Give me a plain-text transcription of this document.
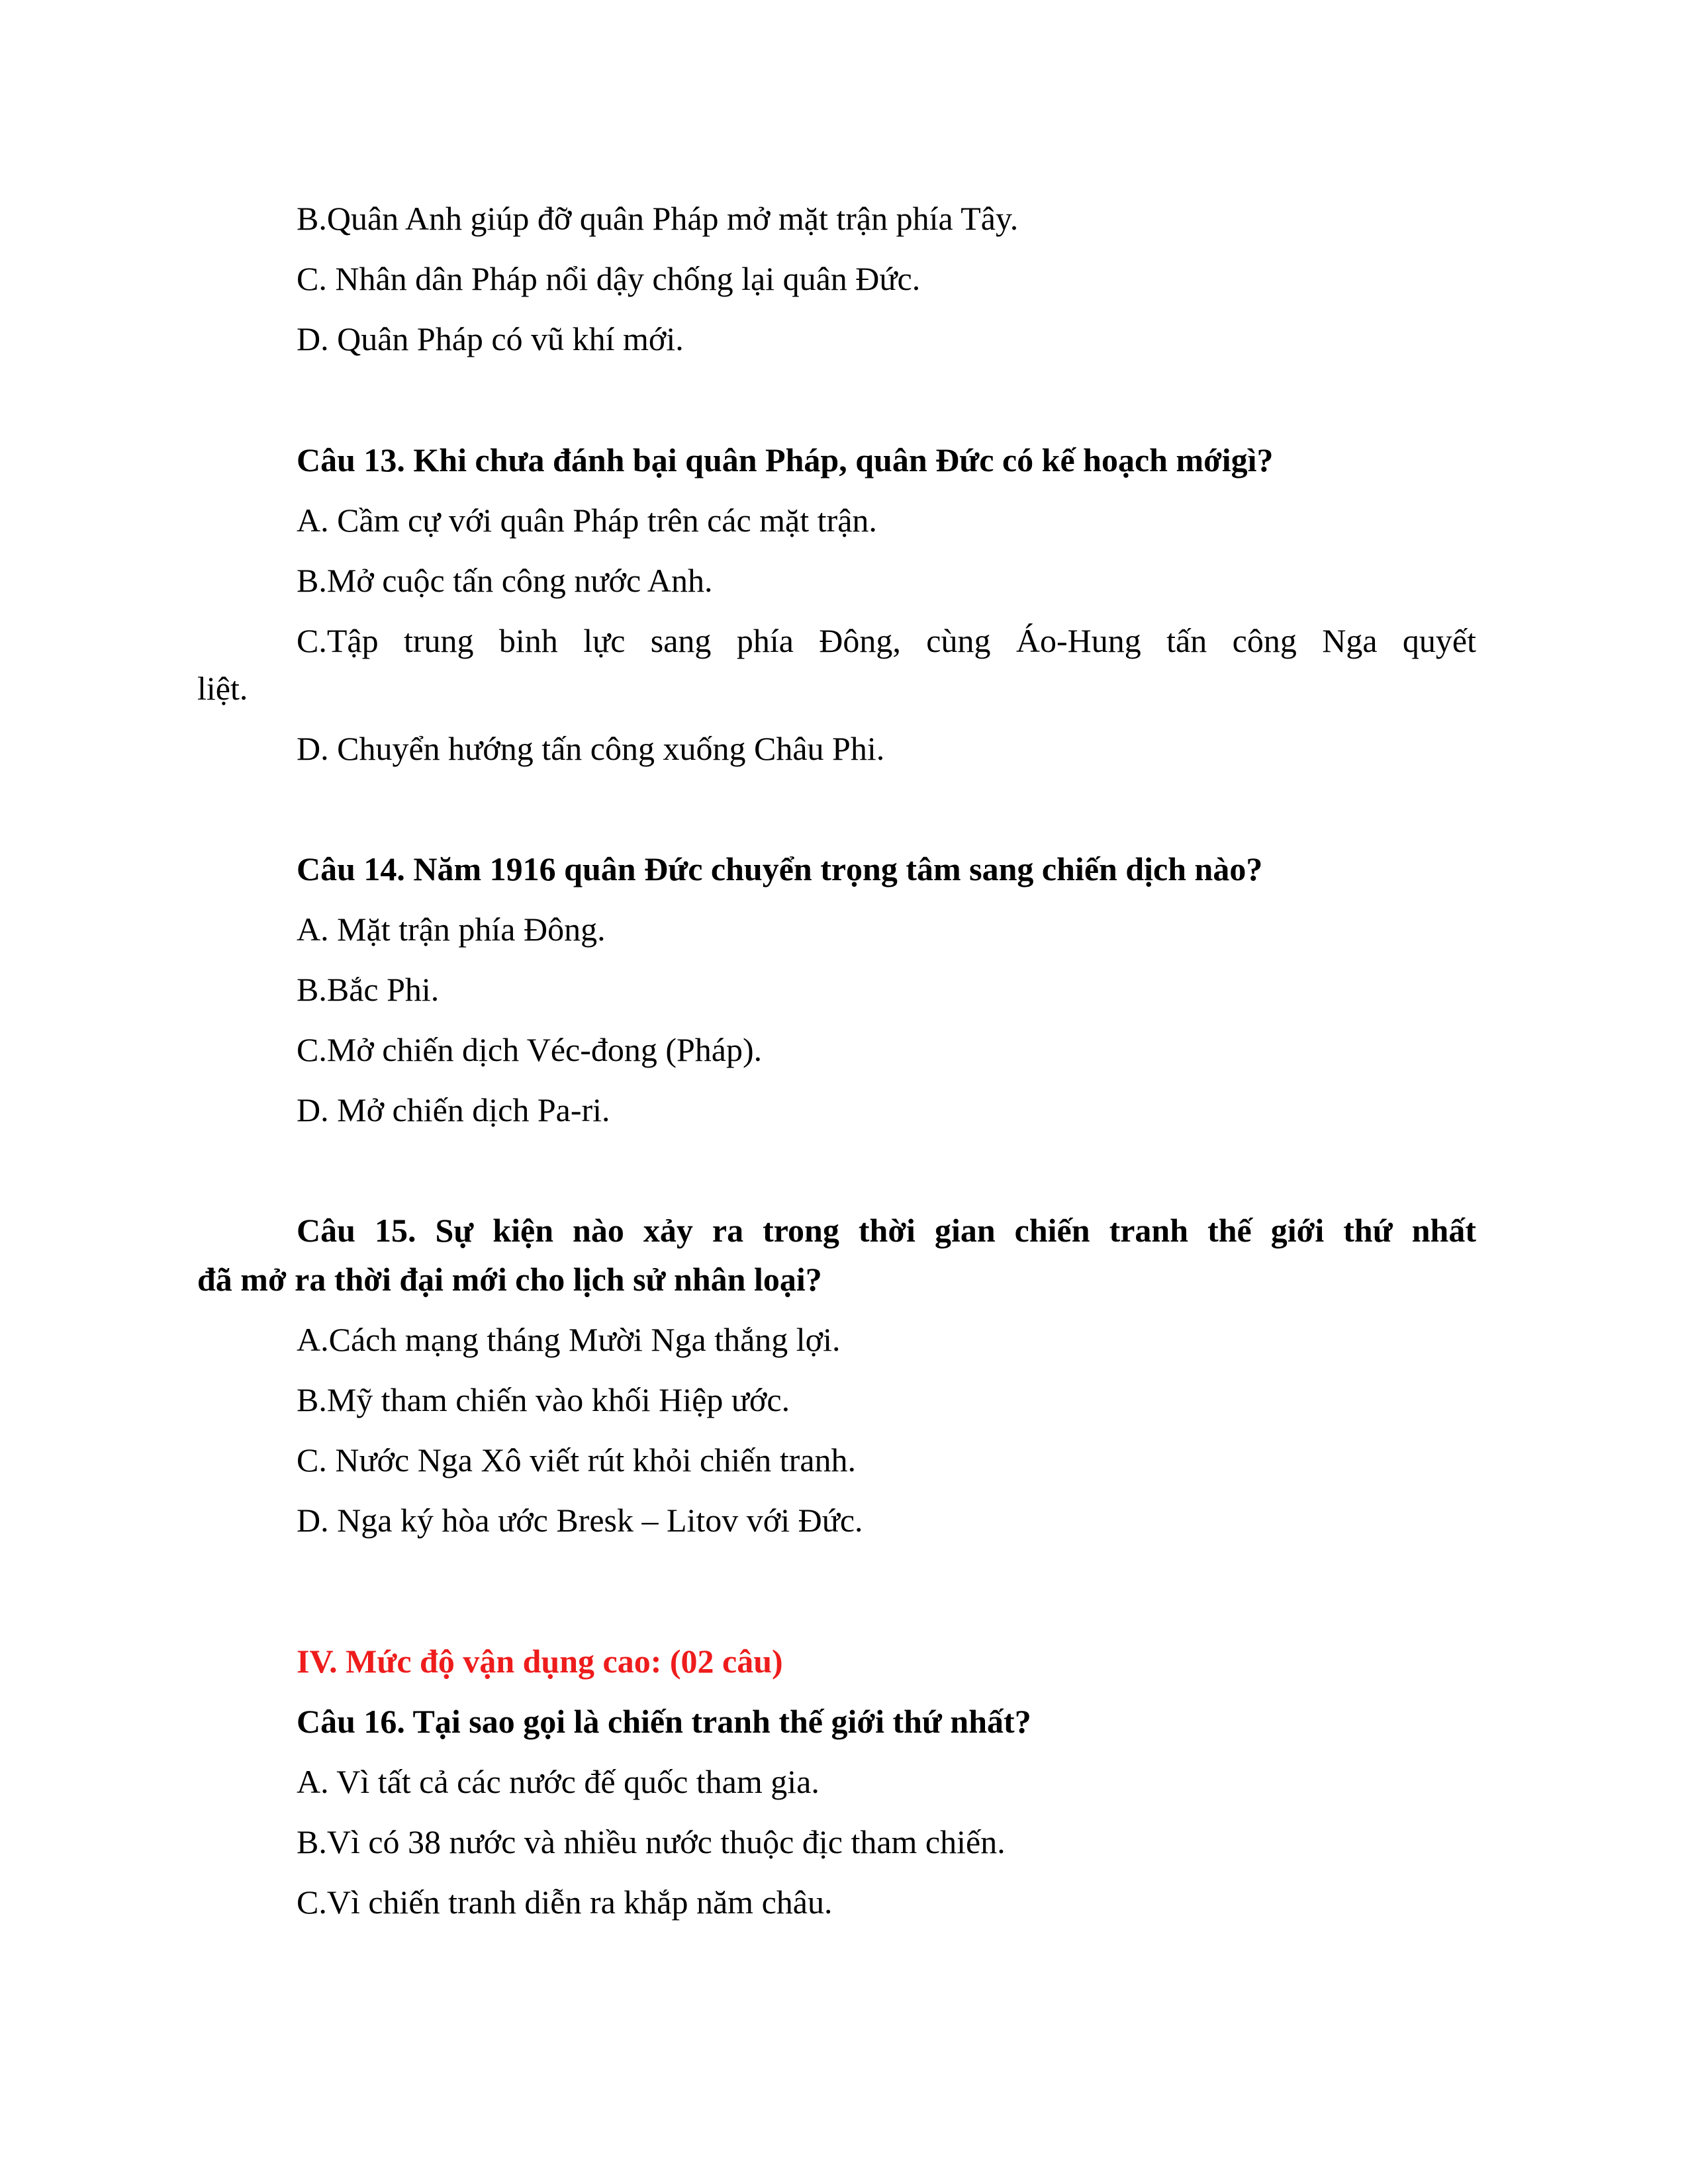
B.Quân Anh giúp đỡ quân Pháp mở mặt trận phía Tây.
C. Nhân dân Pháp nổi dậy chống lại quân Đức.
D. Quân Pháp có vũ khí mới.
Câu 13. Khi chưa đánh bại quân Pháp, quân Đức có kế hoạch mớigì?
A. Cầm cự với quân Pháp trên các mặt trận.
B.Mở cuộc tấn công nước Anh.
C.Tập trung binh lực sang phía Đông, cùng Áo-Hung tấn công Nga quyết
liệt.
D. Chuyển hướng tấn công xuống Châu Phi.
Câu 14. Năm 1916 quân Đức chuyển trọng tâm sang chiến dịch nào?
A. Mặt trận phía Đông.
B.Bắc Phi.
C.Mở chiến dịch Véc-đong (Pháp).
D. Mở chiến dịch Pa-ri.
Câu 15. Sự kiện nào xảy ra trong thời gian chiến tranh thế giới thứ nhất
đã mở ra thời đại mới cho lịch sử nhân loại?
A.Cách mạng tháng Mười Nga thắng lợi.
B.Mỹ tham chiến vào khối Hiệp ước.
C. Nước Nga Xô viết rút khỏi chiến tranh.
D. Nga ký hòa ước Bresk – Litov với Đức.
IV. Mức độ vận dụng cao: (02 câu)
Câu 16. Tại sao gọi là chiến tranh thế giới thứ nhất?
A. Vì tất cả các nước đế quốc tham gia.
B.Vì có 38 nước và nhiều nước thuộc địc tham chiến.
C.Vì chiến tranh diễn ra khắp năm châu.
